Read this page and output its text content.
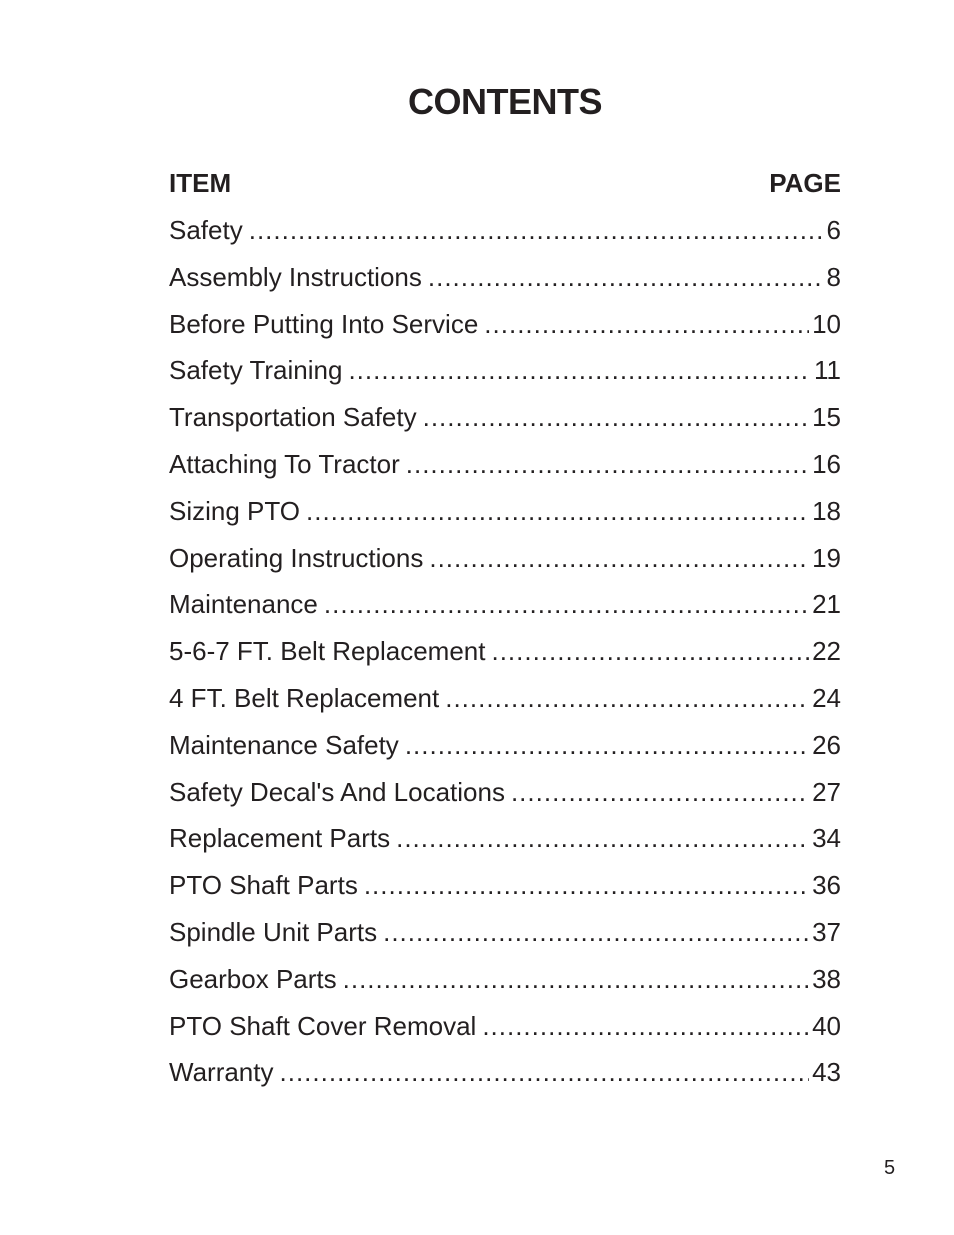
CONTENTS
ITEM	PAGE
Safety .....	6
Assembly Instructions .....	8
Before Putting Into Service .....	10
Safety Training .....	11
Transportation Safety .....	15
Attaching To Tractor .....	16
Sizing PTO .....	18
Operating Instructions .....	19
Maintenance .....	21
5-6-7 FT. Belt Replacement .....	22
4 FT. Belt Replacement .....	24
Maintenance Safety .....	26
Safety Decal's And Locations .....	27
Replacement Parts .....	34
PTO Shaft Parts .....	36
Spindle Unit Parts .....	37
Gearbox Parts .....	38
PTO Shaft Cover Removal .....	40
Warranty .....	43
5
